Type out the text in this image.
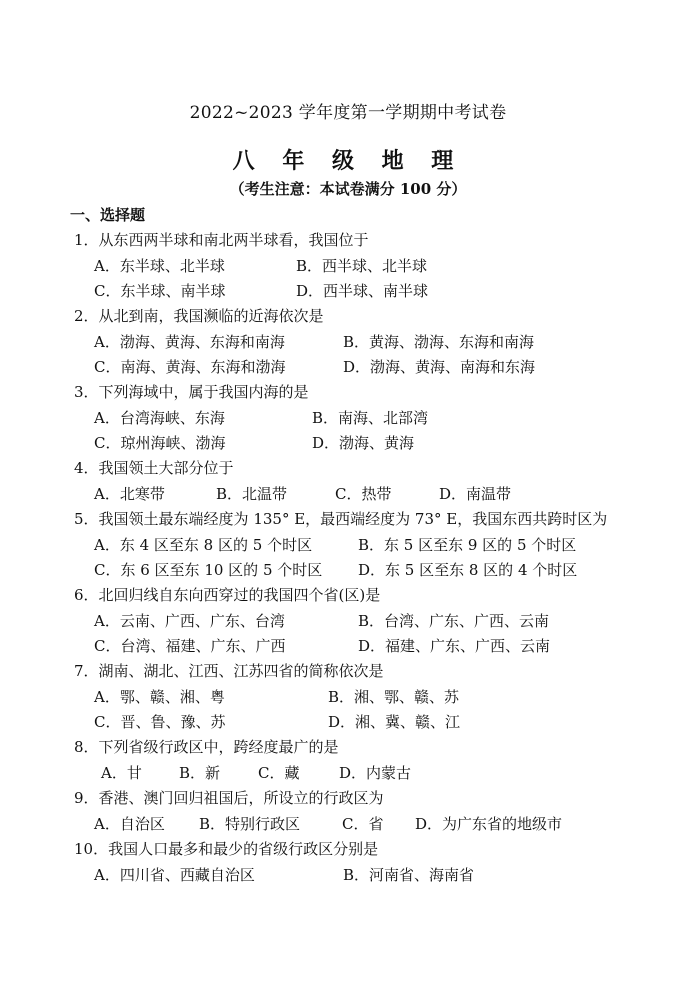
2022~2023 学年度第一学期期中考试卷
八 年 级 地 理
（考生注意：本试卷满分 100 分）
一、选择题
1．从东西两半球和南北两半球看，我国位于
A．东半球、北半球	B．西半球、北半球
C．东半球、南半球	D．西半球、南半球
2．从北到南，我国濒临的近海依次是
A．渤海、黄海、东海和南海	B．黄海、渤海、东海和南海
C．南海、黄海、东海和渤海	D．渤海、黄海、南海和东海
3．下列海域中，属于我国内海的是
A．台湾海峡、东海	B．南海、北部湾
C．琼州海峡、渤海	D．渤海、黄海
4．我国领土大部分位于
A．北寒带	B．北温带	C．热带	D．南温带
5．我国领土最东端经度为 135° E，最西端经度为 73° E，我国东西共跨时区为
A．东 4 区至东 8 区的 5 个时区	B．东 5 区至东 9 区的 5 个时区
C．东 6 区至东 10 区的 5 个时区 D．东 5 区至东 8 区的 4 个时区
6．北回归线自东向西穿过的我国四个省(区)是
A．云南、广西、广东、台湾	B．台湾、广东、广西、云南
C．台湾、福建、广东、广西	D．福建、广东、广西、云南
7．湖南、湖北、江西、江苏四省的简称依次是
A．鄂、赣、湘、粤	B．湘、鄂、赣、苏
C．晋、鲁、豫、苏	D．湘、冀、赣、江
8．下列省级行政区中，跨经度最广的是
A．甘 B．新	C．藏	D．内蒙古
9．香港、澳门回归祖国后，所设立的行政区为
A．自治区 B．特别行政区	C．省 D．为广东省的地级市
10．我国人口最多和最少的省级行政区分别是
A．四川省、西藏自治区	B．河南省、海南省
